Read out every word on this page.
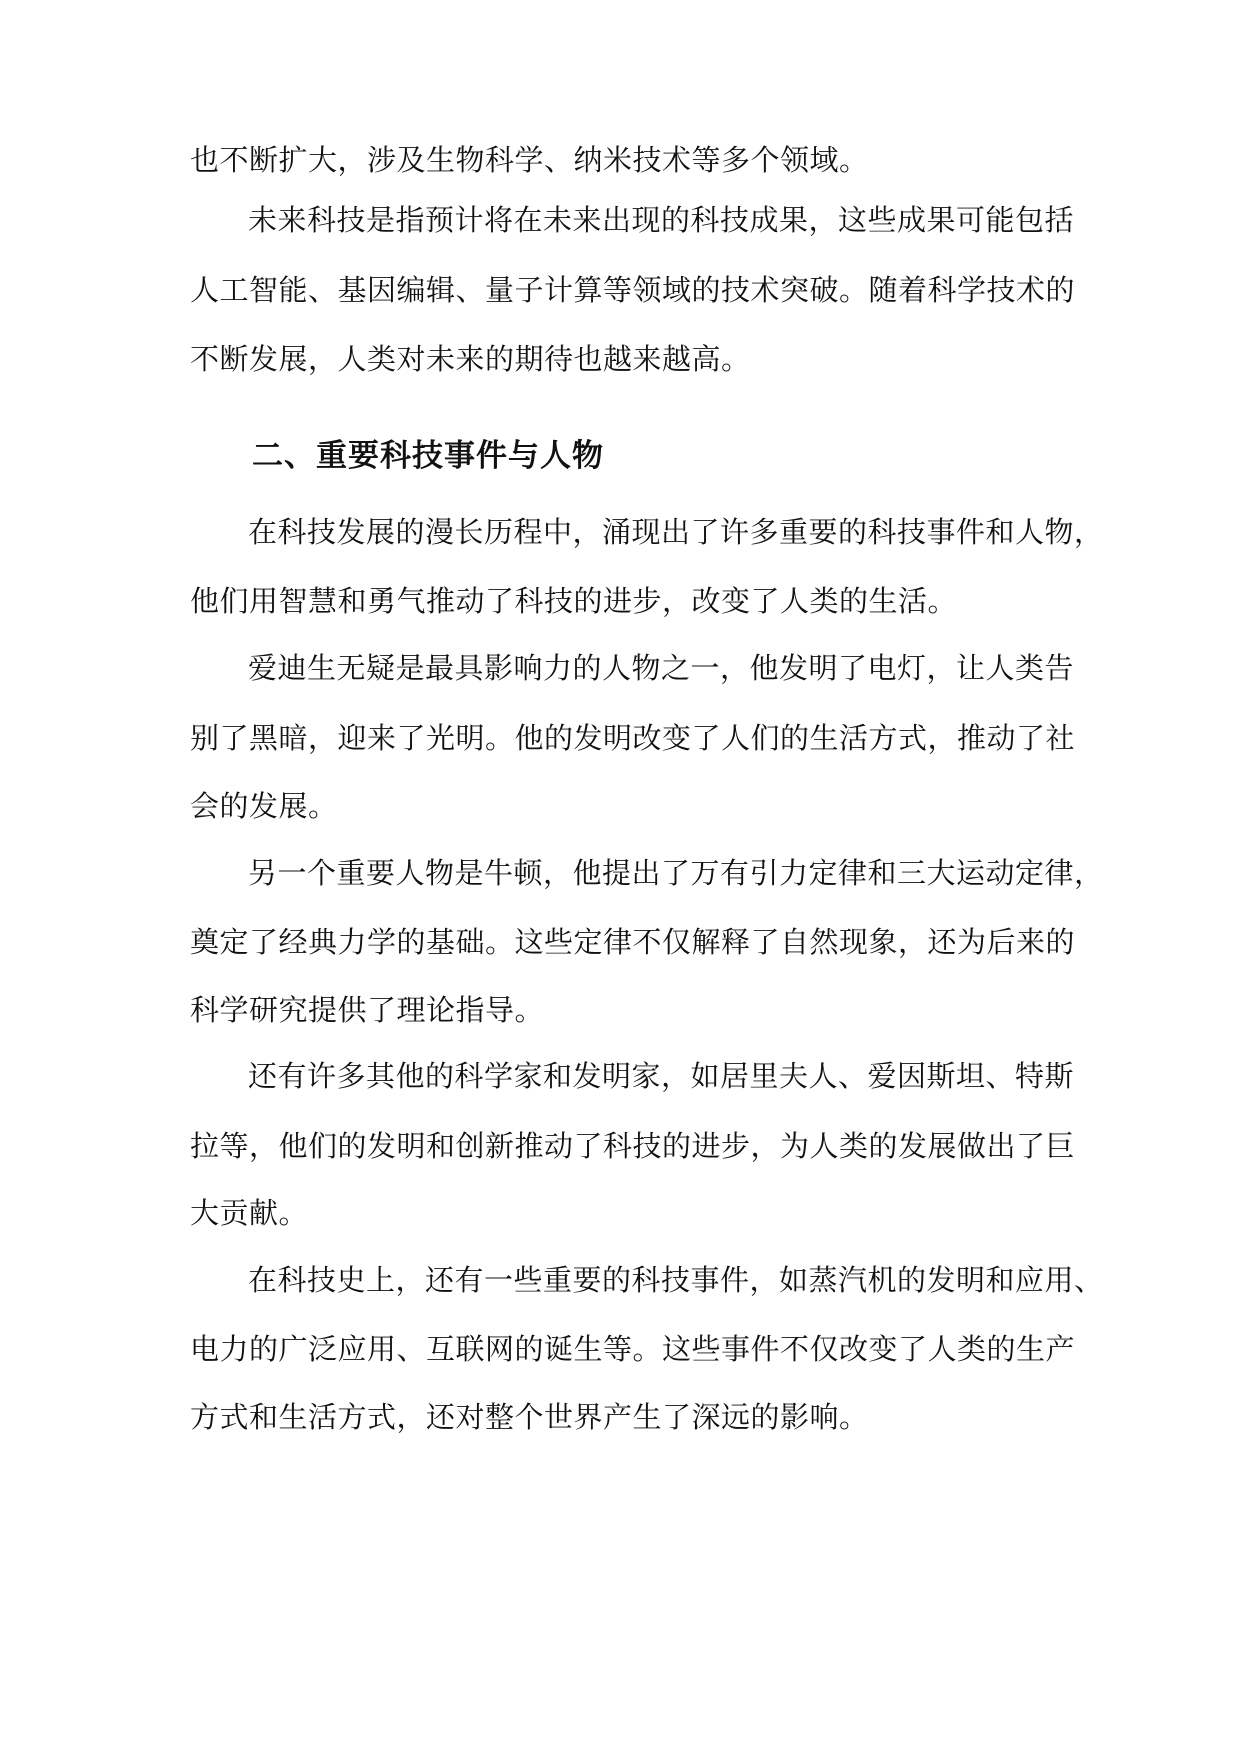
也不断扩大，涉及生物科学、纳米技术等多个领域。

未来科技是指预计将在未来出现的科技成果，这些成果可能包括

人工智能、基因编辑、量子计算等领域的技术突破。随着科学技术的

不断发展，人类对未来的期待也越来越高。

二、重要科技事件与人物

在科技发展的漫长历程中，涌现出了许多重要的科技事件和人物，

他们用智慧和勇气推动了科技的进步，改变了人类的生活。

爱迪生无疑是最具影响力的人物之一，他发明了电灯，让人类告

别了黑暗，迎来了光明。他的发明改变了人们的生活方式，推动了社

会的发展。

另一个重要人物是牛顿，他提出了万有引力定律和三大运动定律，

奠定了经典力学的基础。这些定律不仅解释了自然现象，还为后来的

科学研究提供了理论指导。

还有许多其他的科学家和发明家，如居里夫人、爱因斯坦、特斯

拉等，他们的发明和创新推动了科技的进步，为人类的发展做出了巨

大贡献。

在科技史上，还有一些重要的科技事件，如蒸汽机的发明和应用、

电力的广泛应用、互联网的诞生等。这些事件不仅改变了人类的生产

方式和生活方式，还对整个世界产生了深远的影响。
